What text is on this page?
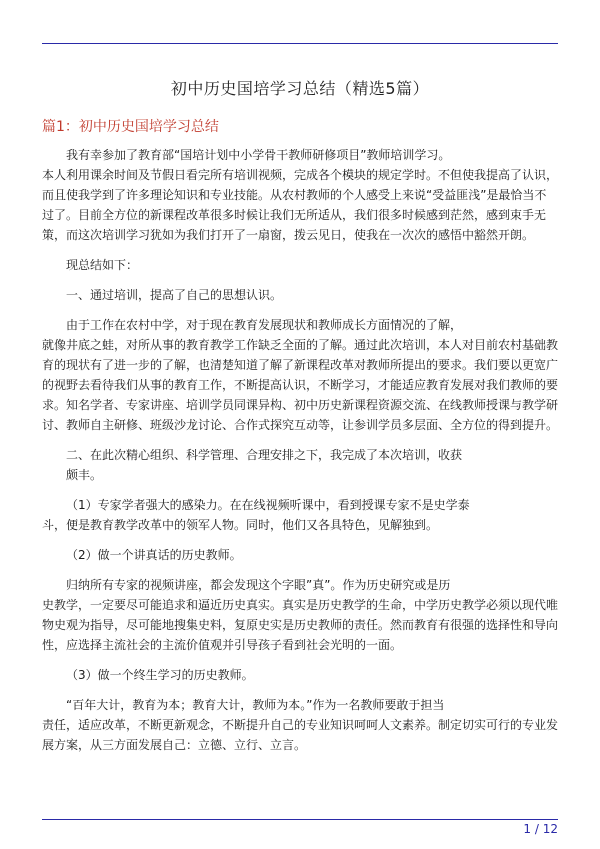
初中历史国培学习总结（精选5篇）
篇1：初中历史国培学习总结
我有幸参加了教育部“国培计划中小学骨干教师研修项目”教师培训学习。
本人利用课余时间及节假日看完所有培训视频，完成各个模块的规定学时。不但使我提高了认识，而且使我学到了许多理论知识和专业技能。从农村教师的个人感受上来说“受益匪浅”是最恰当不过了。目前全方位的新课程改革很多时候让我们无所适从，我们很多时候感到茫然，感到束手无策，而这次培训学习犹如为我们打开了一扇窗，拨云见日，使我在一次次的感悟中豁然开朗。
现总结如下：
一、通过培训，提高了自己的思想认识。
由于工作在农村中学，对于现在教育发展现状和教师成长方面情况的了解，
就像井底之蛙，对所从事的教育教学工作缺乏全面的了解。通过此次培训，本人对目前农村基础教育的现状有了进一步的了解，也清楚知道了解了新课程改革对教师所提出的要求。我们要以更宽广的视野去看待我们从事的教育工作，不断提高认识，不断学习，才能适应教育发展对我们教师的要求。知名学者、专家讲座、培训学员同课异构、初中历史新课程资源交流、在线教师授课与教学研讨、教师自主研修、班级沙龙讨论、合作式探究互动等，让参训学员多层面、全方位的得到提升。
二、在此次精心组织、科学管理、合理安排之下，我完成了本次培训，收获
颇丰。
（1）专家学者强大的感染力。在在线视频听课中，看到授课专家不是史学泰
斗，便是教育教学改革中的领军人物。同时，他们又各具特色，见解独到。
（2）做一个讲真话的历史教师。
归纳所有专家的视频讲座，都会发现这个字眼”真”。作为历史研究或是历
史教学，一定要尽可能追求和逼近历史真实。真实是历史教学的生命，中学历史教学必须以现代唯物史观为指导，尽可能地搜集史料，复原史实是历史教师的责任。然而教育有很强的选择性和导向性，应选择主流社会的主流价值观并引导孩子看到社会光明的一面。
（3）做一个终生学习的历史教师。
“百年大计，教育为本；教育大计，教师为本。”作为一名教师要敢于担当
责任，适应改革，不断更新观念，不断提升自己的专业知识呵呵人文素养。制定切实可行的专业发展方案，从三方面发展自己：立德、立行、立言。
1 / 12
